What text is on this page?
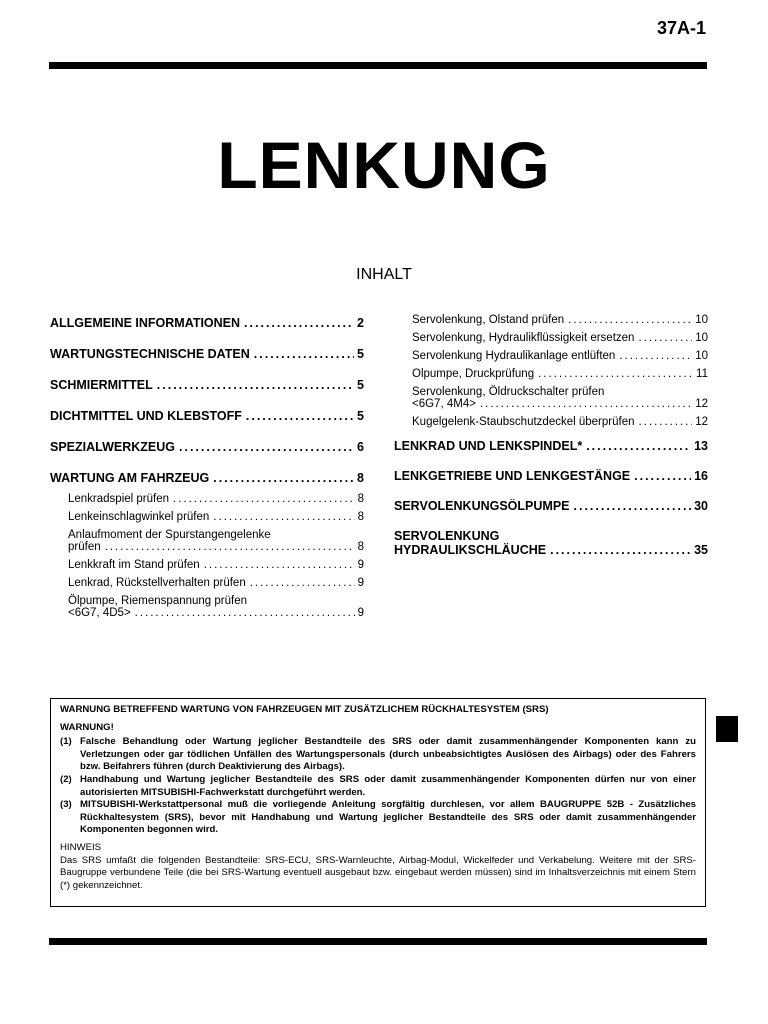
37A-1
LENKUNG
INHALT
ALLGEMEINE INFORMATIONEN .....	2
WARTUNGSTECHNISCHE DATEN .....	5
SCHMIERMITTEL .....	5
DICHTMITTEL UND KLEBSTOFF .....	5
SPEZIALWERKZEUG .....	6
WARTUNG AM FAHRZEUG .....	8
Lenkradspiel prüfen .....	8
Lenkeinschlagwinkel prüfen .....	8
Anlaufmoment der Spurstangengelenke
prüfen .....	8
Lenkkraft im Stand prüfen .....	9
Lenkrad, Rückstellverhalten prüfen .....	9
Ölpumpe, Riemenspannung prüfen
<6G7, 4D5> .....	9
Servolenkung, Ölstand prüfen .....	10
Servolenkung, Hydraulikflüssigkeit ersetzen .....	10
Servolenkung Hydraulikanlage entlüften .....	10
Ölpumpe, Druckprüfung .....	11
Servolenkung, Öldruckschalter prüfen
<6G7, 4M4> .....	12
Kugelgelenk-Staubschutzdeckel überprüfen .....	12
LENKRAD UND LENKSPINDEL* .....	13
LENKGETRIEBE UND LENKGESTÄNGE .....	16
SERVOLENKUNGSÖLPUMPE .....	30
SERVOLENKUNG
HYDRAULIKSCHLÄUCHE .....	35
WARNUNG BETREFFEND WARTUNG VON FAHRZEUGEN MIT ZUSÄTZLICHEM RÜCKHALTESYSTEM (SRS)
WARNUNG!
(1) Falsche Behandlung oder Wartung jeglicher Bestandteile des SRS oder damit zusammenhängender Komponenten kann zu Verletzungen oder gar tödlichen Unfällen des Wartungspersonals (durch unbeabsichtigtes Auslösen des Airbags) oder des Fahrers bzw. Beifahrers führen (durch Deaktivierung des Airbags).
(2) Handhabung und Wartung jeglicher Bestandteile des SRS oder damit zusammenhängender Komponenten dürfen nur von einer autorisierten MITSUBISHI-Fachwerkstatt durchgeführt werden.
(3) MITSUBISHI-Werkstattpersonal muß die vorliegende Anleitung sorgfältig durchlesen, vor allem BAUGRUPPE 52B - Zusätzliches Rückhaltesystem (SRS), bevor mit Handhabung und Wartung jeglicher Bestandteile des SRS oder damit zusammenhängender Komponenten begonnen wird.
HINWEIS
Das SRS umfaßt die folgenden Bestandteile: SRS-ECU, SRS-Warnleuchte, Airbag-Modul, Wickelfeder und Verkabelung. Weitere mit der SRS-Baugruppe verbundene Teile (die bei SRS-Wartung eventuell ausgebaut bzw. eingebaut werden müssen) sind im Inhaltsverzeichnis mit einem Stern (*) gekennzeichnet.
